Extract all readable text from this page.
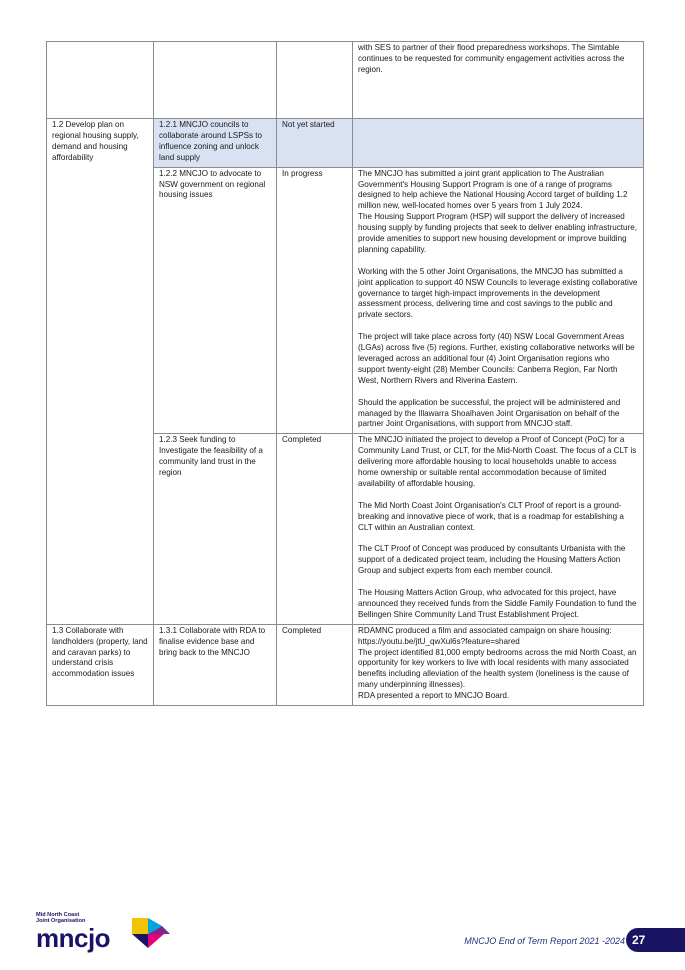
			with SES to partner of their flood preparedness workshops. The Simtable continues to be requested for community engagement activities across the region.

1.2 Develop plan on regional housing supply, demand and housing affordability	1.2.1 MNCJO councils to collaborate around LSPSs to influence zoning and unlock land supply	Not yet started	
	1.2.2 MNCJO to advocate to NSW government on regional housing issues	In progress	The MNCJO has submitted a joint grant application to The Australian Government's Housing Support Program is one of a range of programs designed to help achieve the National Housing Accord target of building 1.2 million new, well-located homes over 5 years from 1 July 2024.

The Housing Support Program (HSP) will support the delivery of increased housing supply by funding projects that seek to deliver enabling infrastructure, provide amenities to support new housing development or improve building planning capability.

Working with the 5 other Joint Organisations, the MNCJO has submitted a joint application to support 40 NSW Councils to leverage existing collaborative governance to target high-impact improvements in the development assessment process, delivering time and cost savings to the public and private sectors.

The project will take place across forty (40) NSW Local Government Areas (LGAs) across five (5) regions. Further, existing collaborative networks will be leveraged across an additional four (4) Joint Organisation regions who support twenty-eight (28) Member Councils: Canberra Region, Far North West, Northern Rivers and Riverina Eastern.

Should the application be successful, the project will be administered and managed by the Illawarra Shoalhaven Joint Organisation on behalf of the partner Joint Organisations, with support from MNCJO staff.

	1.2.3 Seek funding to Investigate the feasibility of a community land trust in the region	Completed	The MNCJO initiated the project to develop a Proof of Concept (PoC) for a Community Land Trust, or CLT, for the Mid-North Coast. The focus of a CLT is delivering more affordable housing to local households unable to access home ownership or suitable rental accommodation because of limited availability of affordable housing.

The Mid North Coast Joint Organisation's CLT Proof of report is a ground-breaking and innovative piece of work, that is a roadmap for establishing a CLT within an Australian context.

The CLT Proof of Concept was produced by consultants Urbanista with the support of a dedicated project team, including the Housing Matters Action Group and subject experts from each member council.

The Housing Matters Action Group, who advocated for this project, have announced they received funds from the Siddle Family Foundation to fund the Bellingen Shire Community Land Trust Establishment Project.

1.3 Collaborate with landholders (property, land and caravan parks) to understand crisis accommodation issues	1.3.1 Collaborate with RDA to finalise evidence base and bring back to the MNCJO	Completed	RDAMNC produced a film and associated campaign on share housing: https://youtu.be/jtU_qwXul6s?feature=shared

The project identified 81,000 empty bedrooms across the mid North Coast, an opportunity for key workers to live with local residents with many associated benefits including alleviation of the health system (loneliness is the cause of many underpinning illnesses).

RDA presented a report to MNCJO Board.

Mid North Coast
Joint Organisation
mncjo	MNCJO End of Term Report 2021 -2024 27
